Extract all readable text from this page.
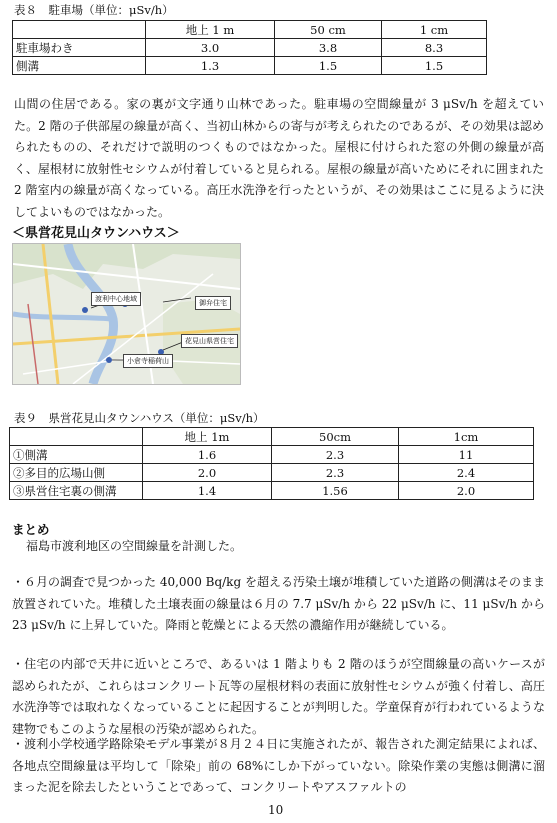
表８　駐車場（単位：μSv/h）
	地上 1 m	50 cm	1 cm
駐車場わき	3.0	3.8	8.3
側溝	1.3	1.5	1.5
山間の住居である。家の裏が文字通り山林であった。駐車場の空間線量が 3 μSv/h を超えていた。2 階の子供部屋の線量が高く、当初山林からの寄与が考えられたのであるが、その効果は認められたものの、それだけで説明のつくものではなかった。屋根に付けられた窓の外側の線量が高く、屋根材に放射性セシウムが付着していると見られる。屋根の線量が高いためにそれに囲まれた 2 階室内の線量が高くなっている。高圧水洗浄を行ったというが、その効果はここに見るように決してよいものではなかった。
＜県営花見山タウンハウス＞
渡利中心地域	御弁住宅
花見山県営住宅
小倉寺稲荷山
表９　県営花見山タウンハウス（単位：μSv/h）
	地上 1m	50cm	1cm
①側溝	1.6	2.3	11
②多目的広場山側	2.0	2.3	2.4
③県営住宅裏の側溝	1.4	1.56	2.0
まとめ
福島市渡利地区の空間線量を計測した。
・６月の調査で見つかった 40,000 Bq/kg を超える汚染土壌が堆積していた道路の側溝はそのまま放置されていた。堆積した土壌表面の線量は６月の 7.7 μSv/h から 22 μSv/h に、11 μSv/h から 23 μSv/h に上昇していた。降雨と乾燥とによる天然の濃縮作用が継続している。
・住宅の内部で天井に近いところで、あるいは 1 階よりも 2 階のほうが空間線量の高いケースが認められたが、これらはコンクリート瓦等の屋根材料の表面に放射性セシウムが強く付着し、高圧水洗浄等では取れなくなっていることに起因することが判明した。学童保育が行われているような建物でもこのような屋根の汚染が認められた。
・渡利小学校通学路除染モデル事業が８月２４日に実施されたが、報告された測定結果によれば、各地点空間線量は平均して「除染」前の 68%にしか下がっていない。除染作業の実態は側溝に溜まった泥を除去したということであって、コンクリートやアスファルトの
10
